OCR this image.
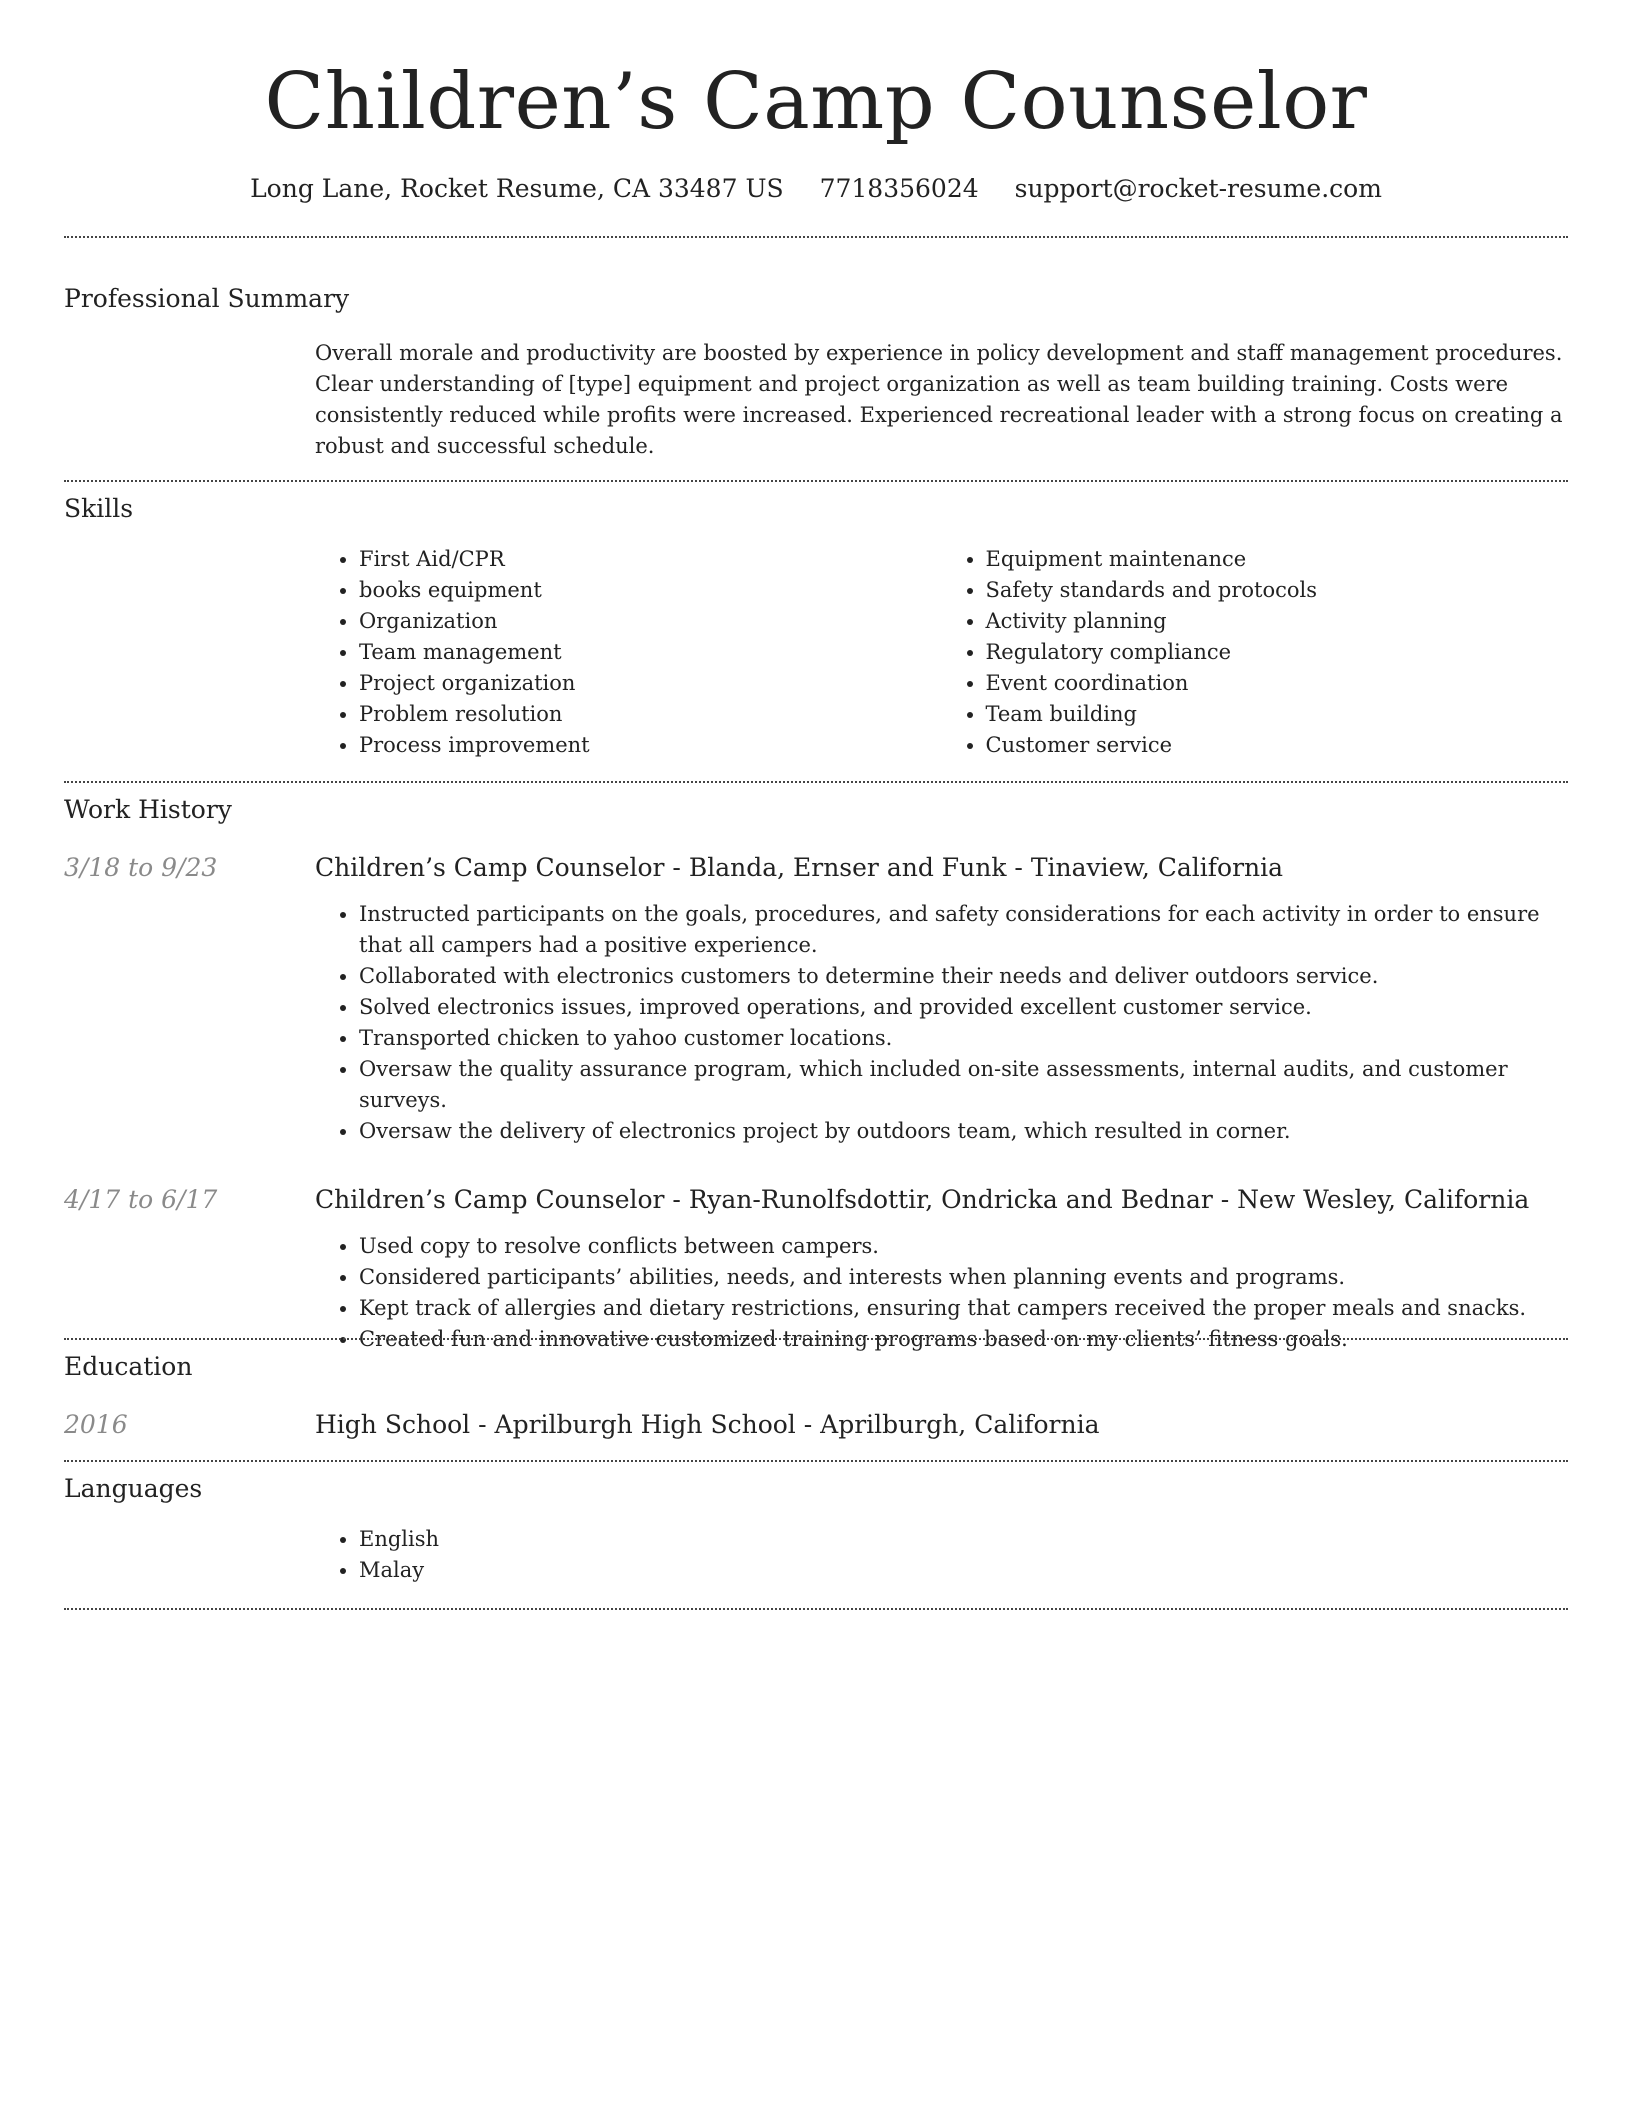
Children’s Camp Counselor
Long Lane, Rocket Resume, CA 33487 US 7718356024 support@rocket-resume.com
Professional Summary

Overall morale and productivity are boosted by experience in policy development and staff management procedures. Clear understanding of [type] equipment and project organization as well as team building training. Costs were consistently reduced while profits were increased. Experienced recreational leader with a strong focus on creating a robust and successful schedule.

Skills
• First Aid/CPR
• books equipment
• Organization
• Team management
• Project organization
• Problem resolution
• Process improvement
• Equipment maintenance
• Safety standards and protocols
• Activity planning
• Regulatory compliance
• Event coordination
• Team building
• Customer service
Work History
3/18 to 9/23	Children’s Camp Counselor - Blanda, Ernser and Funk - Tinaview, California
• Instructed participants on the goals, procedures, and safety considerations for each activity in order to ensure that all campers had a positive experience.
• Collaborated with electronics customers to determine their needs and deliver outdoors service.
• Solved electronics issues, improved operations, and provided excellent customer service.
• Transported chicken to yahoo customer locations.
• Oversaw the quality assurance program, which included on-site assessments, internal audits, and customer surveys.
• Oversaw the delivery of electronics project by outdoors team, which resulted in corner.
4/17 to 6/17	Children’s Camp Counselor - Ryan-Runolfsdottir, Ondricka and Bednar - New Wesley, California
• Used copy to resolve conflicts between campers.
• Considered participants’ abilities, needs, and interests when planning events and programs.
• Kept track of allergies and dietary restrictions, ensuring that campers received the proper meals and snacks.
• Created fun and innovative customized training programs based on my clients’ fitness goals.
Education
2016	High School - Aprilburgh High School - Aprilburgh, California
Languages
• English
• Malay
